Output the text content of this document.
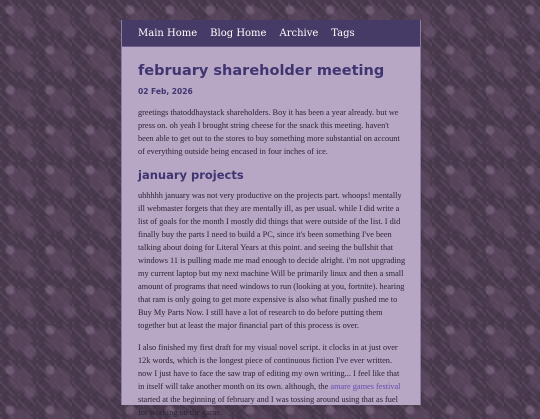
Main Home Blog Home Archive Tags
february shareholder meeting
02 Feb, 2026

greetings thatoddhaystack shareholders. Boy it has been a year already. but we press on. oh yeah I brought string cheese for the snack this meeting. haven't been able to get out to the stores to buy something more substantial on account of everything outside being encased in four inches of ice.

january projects

uhhhhh january was not very productive on the projects part. whoops! mentally ill webmaster forgets that they are mentally ill, as per usual. while I did write a list of goals for the month I mostly did things that were outside of the list. I did finally buy the parts I need to build a PC, since it's been something I've been talking about doing for Literal Years at this point. and seeing the bullshit that windows 11 is pulling made me mad enough to decide alright. i'm not upgrading my current laptop but my next machine Will be primarily linux and then a small amount of programs that need windows to run (looking at you, fortnite). hearing that ram is only going to get more expensive is also what finally pushed me to Buy My Parts Now. I still have a lot of research to do before putting them together but at least the major financial part of this process is over.

I also finished my first draft for my visual novel script. it clocks in at just over 12k words, which is the longest piece of continuous fiction I've ever written. now I just have to face the saw trap of editing my own writing... I feel like that in itself will take another month on its own. although, the amare games festival started at the beginning of february and I was tossing around using that as fuel for working on the game.
